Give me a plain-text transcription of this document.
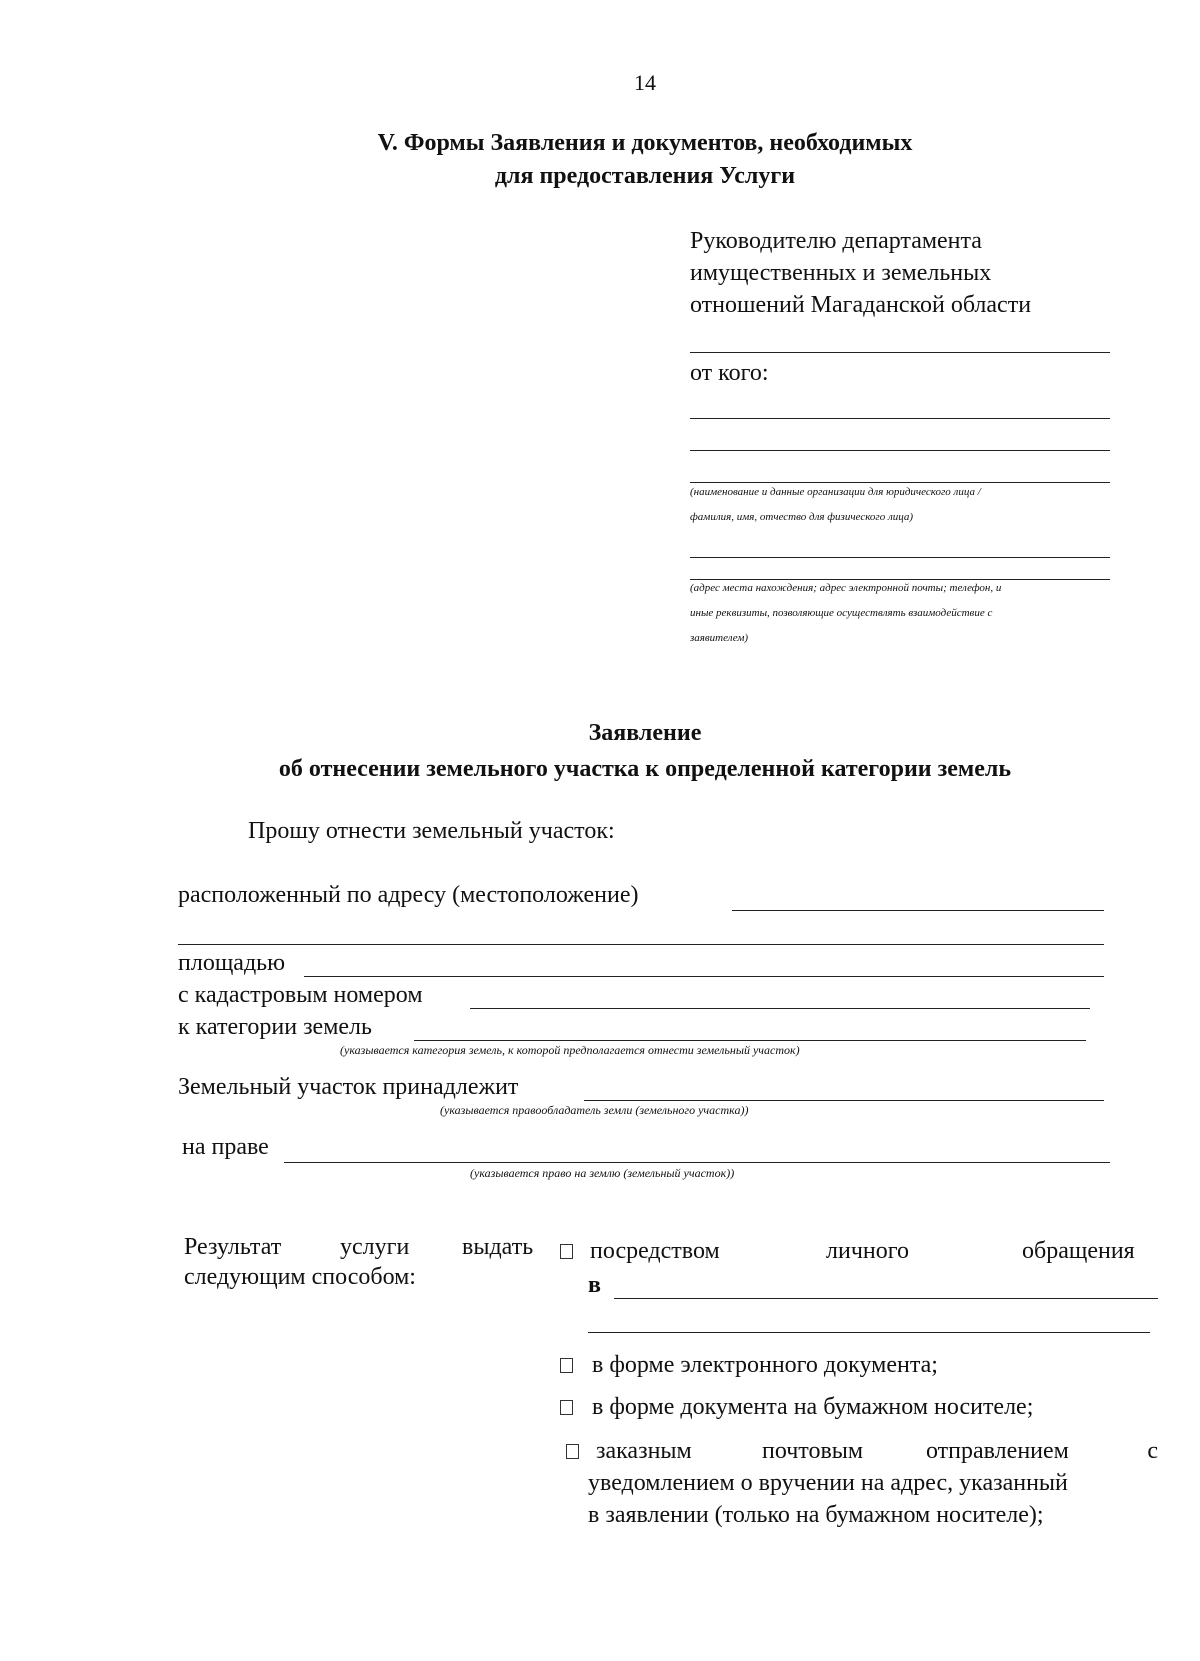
14
V. Формы Заявления и документов, необходимых
для предоставления Услуги
Руководителю департамента
имущественных и земельных
отношений Магаданской области
от кого:
(наименование и данные организации для юридического лица /
фамилия, имя, отчество для физического лица)
(адрес места нахождения; адрес электронной почты; телефон, и
иные реквизиты, позволяющие осуществлять взаимодействие с
заявителем)
Заявление
об отнесении земельного участка к определенной категории земель
Прошу отнести земельный участок:
расположенный по адресу (местоположение)
площадью
с кадастровым номером
к категории земель
(указывается категория земель, к которой предполагается отнести земельный участок)
Земельный участок принадлежит
(указывается правообладатель земли (земельного участка))
на праве
(указывается право на землю (земельный участок))
Результат услуги выдать
следующим способом:
посредством	личного	обращения
в
в форме электронного документа;
в форме документа на бумажном носителе;
заказным	почтовым	отправлением	с
уведомлением о вручении на адрес, указанный
в заявлении (только на бумажном носителе);
